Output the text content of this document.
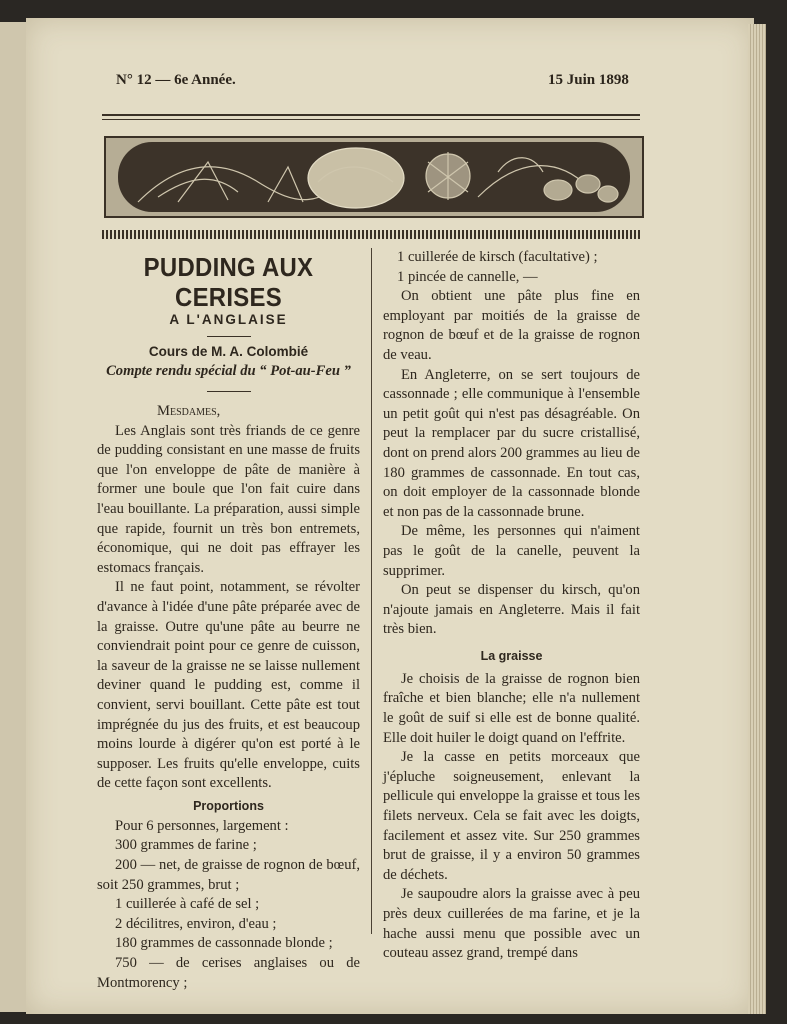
N° 12 — 6e Année.	15 Juin 1898
PUDDING AUX CERISES
A L'ANGLAISE
Cours de M. A. Colombié
Compte rendu spécial du “ Pot-au-Feu ”

Mesdames,

Les Anglais sont très friands de ce genre de pudding consistant en une masse de fruits que l'on enveloppe de pâte de manière à former une boule que l'on fait cuire dans l'eau bouillante. La préparation, aussi simple que rapide, fournit un très bon entremets, économique, qui ne doit pas effrayer les estomacs français.

Il ne faut point, notamment, se révolter d'avance à l'idée d'une pâte préparée avec de la graisse. Outre qu'une pâte au beurre ne conviendrait point pour ce genre de cuisson, la saveur de la graisse ne se laisse nullement deviner quand le pudding est, comme il convient, servi bouillant. Cette pâte est tout imprégnée du jus des fruits, et est beaucoup moins lourde à digérer qu'on est porté à le supposer. Les fruits qu'elle enveloppe, cuits de cette façon sont excellents.

Proportions

Pour 6 personnes, largement :

300 grammes de farine ;

200 — net, de graisse de rognon de bœuf, soit 250 grammes, brut ;

1 cuillerée à café de sel ;

2 décilitres, environ, d'eau ;

180 grammes de cassonnade blonde ;

750 — de cerises anglaises ou de Montmorency ;

1 cuillerée de kirsch (facultative) ;

1 pincée de cannelle, —

On obtient une pâte plus fine en employant par moitiés de la graisse de rognon de bœuf et de la graisse de rognon de veau.

En Angleterre, on se sert toujours de cassonnade ; elle communique à l'ensemble un petit goût qui n'est pas désagréable. On peut la remplacer par du sucre cristallisé, dont on prend alors 200 grammes au lieu de 180 grammes de cassonnade. En tout cas, on doit employer de la cassonnade blonde et non pas de la cassonnade brune.

De même, les personnes qui n'aiment pas le goût de la canelle, peuvent la supprimer.

On peut se dispenser du kirsch, qu'on n'ajoute jamais en Angleterre. Mais il fait très bien.

La graisse

Je choisis de la graisse de rognon bien fraîche et bien blanche; elle n'a nullement le goût de suif si elle est de bonne qualité. Elle doit huiler le doigt quand on l'effrite.

Je la casse en petits morceaux que j'épluche soigneusement, enlevant la pellicule qui enveloppe la graisse et tous les filets nerveux. Cela se fait avec les doigts, facilement et assez vite. Sur 250 grammes brut de graisse, il y a environ 50 grammes de déchets.

Je saupoudre alors la graisse avec à peu près deux cuillerées de ma farine, et je la hache aussi menu que possible avec un couteau assez grand, trempé dans
